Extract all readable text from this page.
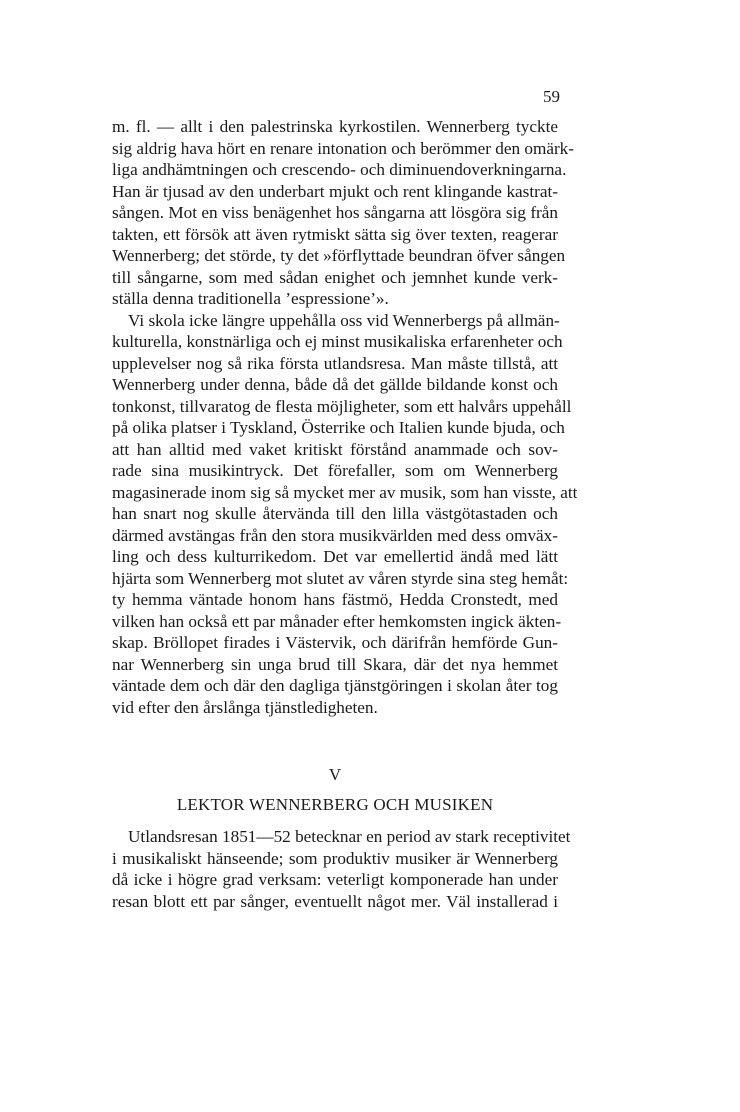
59
m. fl. — allt i den palestrinska kyrkostilen. Wennerberg tyckte
sig aldrig hava hört en renare intonation och berömmer den omärk-
liga andhämtningen och crescendo- och diminuendoverkningarna.
Han är tjusad av den underbart mjukt och rent klingande kastrat-
sången. Mot en viss benägenhet hos sångarna att lösgöra sig från
takten, ett försök att även rytmiskt sätta sig över texten, reagerar
Wennerberg; det störde, ty det »förflyttade beundran öfver sången
till sångarne, som med sådan enighet och jemnhet kunde verk-
ställa denna traditionella ’espressione’».
Vi skola icke längre uppehålla oss vid Wennerbergs på allmän-
kulturella, konstnärliga och ej minst musikaliska erfarenheter och
upplevelser nog så rika första utlandsresa. Man måste tillstå, att
Wennerberg under denna, både då det gällde bildande konst och
tonkonst, tillvaratog de flesta möjligheter, som ett halvårs uppehåll
på olika platser i Tyskland, Österrike och Italien kunde bjuda, och
att han alltid med vaket kritiskt förstånd anammade och sov-
rade sina musikintryck. Det förefaller, som om Wennerberg
magasinerade inom sig så mycket mer av musik, som han visste, att
han snart nog skulle återvända till den lilla västgötastaden och
därmed avstängas från den stora musikvärlden med dess omväx-
ling och dess kulturrikedom. Det var emellertid ändå med lätt
hjärta som Wennerberg mot slutet av våren styrde sina steg hemåt:
ty hemma väntade honom hans fästmö, Hedda Cronstedt, med
vilken han också ett par månader efter hemkomsten ingick äkten-
skap. Bröllopet firades i Västervik, och därifrån hemförde Gun-
nar Wennerberg sin unga brud till Skara, där det nya hemmet
väntade dem och där den dagliga tjänstgöringen i skolan åter tog
vid efter den årslånga tjänstledigheten.
V
LEKTOR WENNERBERG OCH MUSIKEN
Utlandsresan 1851—52 betecknar en period av stark receptivitet
i musikaliskt hänseende; som produktiv musiker är Wennerberg
då icke i högre grad verksam: veterligt komponerade han under
resan blott ett par sånger, eventuellt något mer. Väl installerad i
